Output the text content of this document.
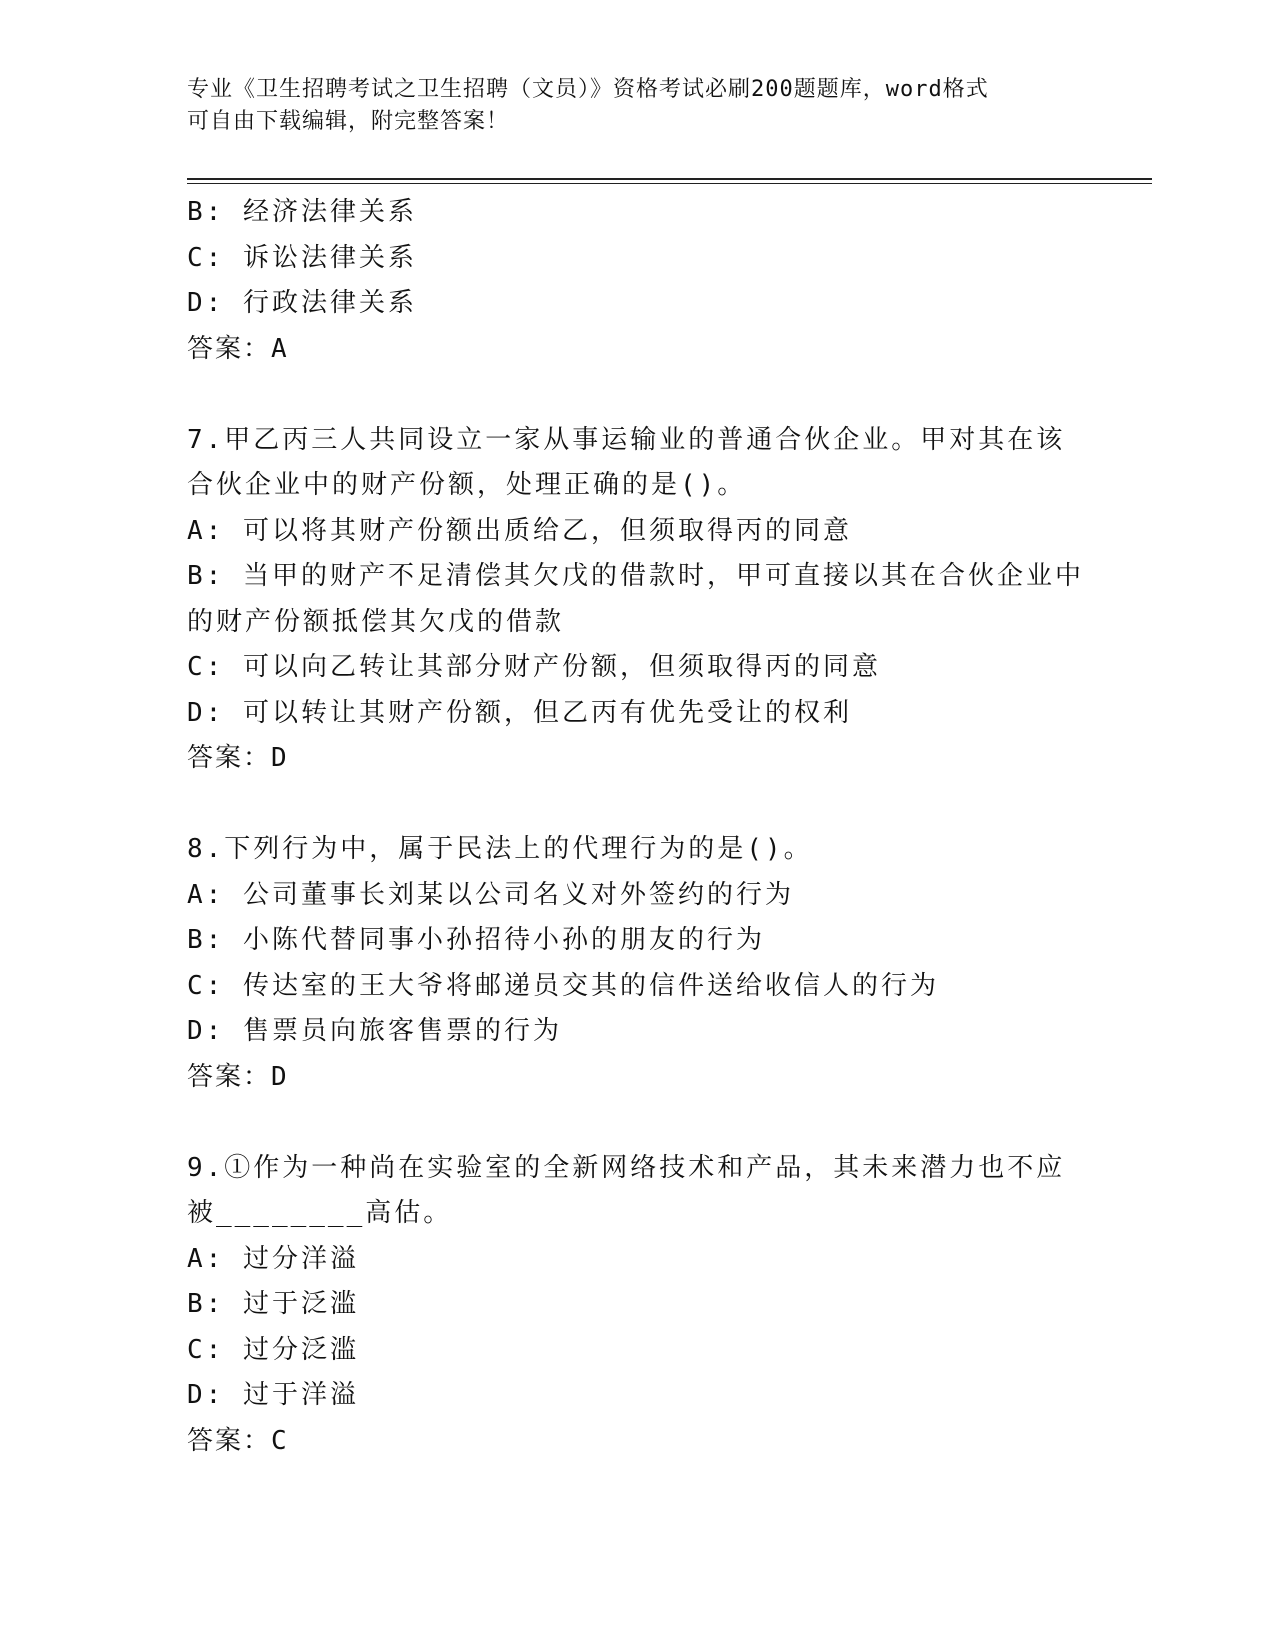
专业《卫生招聘考试之卫生招聘（文员）》资格考试必刷200题题库，word格式
可自由下载编辑，附完整答案！
B: 经济法律关系
C: 诉讼法律关系
D: 行政法律关系
答案：A
7.甲乙丙三人共同设立一家从事运输业的普通合伙企业。甲对其在该
合伙企业中的财产份额，处理正确的是()。
A: 可以将其财产份额出质给乙，但须取得丙的同意
B: 当甲的财产不足清偿其欠戊的借款时，甲可直接以其在合伙企业中
的财产份额抵偿其欠戊的借款
C: 可以向乙转让其部分财产份额，但须取得丙的同意
D: 可以转让其财产份额，但乙丙有优先受让的权利
答案：D
8.下列行为中，属于民法上的代理行为的是()。
A: 公司董事长刘某以公司名义对外签约的行为
B: 小陈代替同事小孙招待小孙的朋友的行为
C: 传达室的王大爷将邮递员交其的信件送给收信人的行为
D: 售票员向旅客售票的行为
答案：D
9.①作为一种尚在实验室的全新网络技术和产品，其未来潜力也不应
被________高估。
A: 过分洋溢
B: 过于泛滥
C: 过分泛滥
D: 过于洋溢
答案：C
